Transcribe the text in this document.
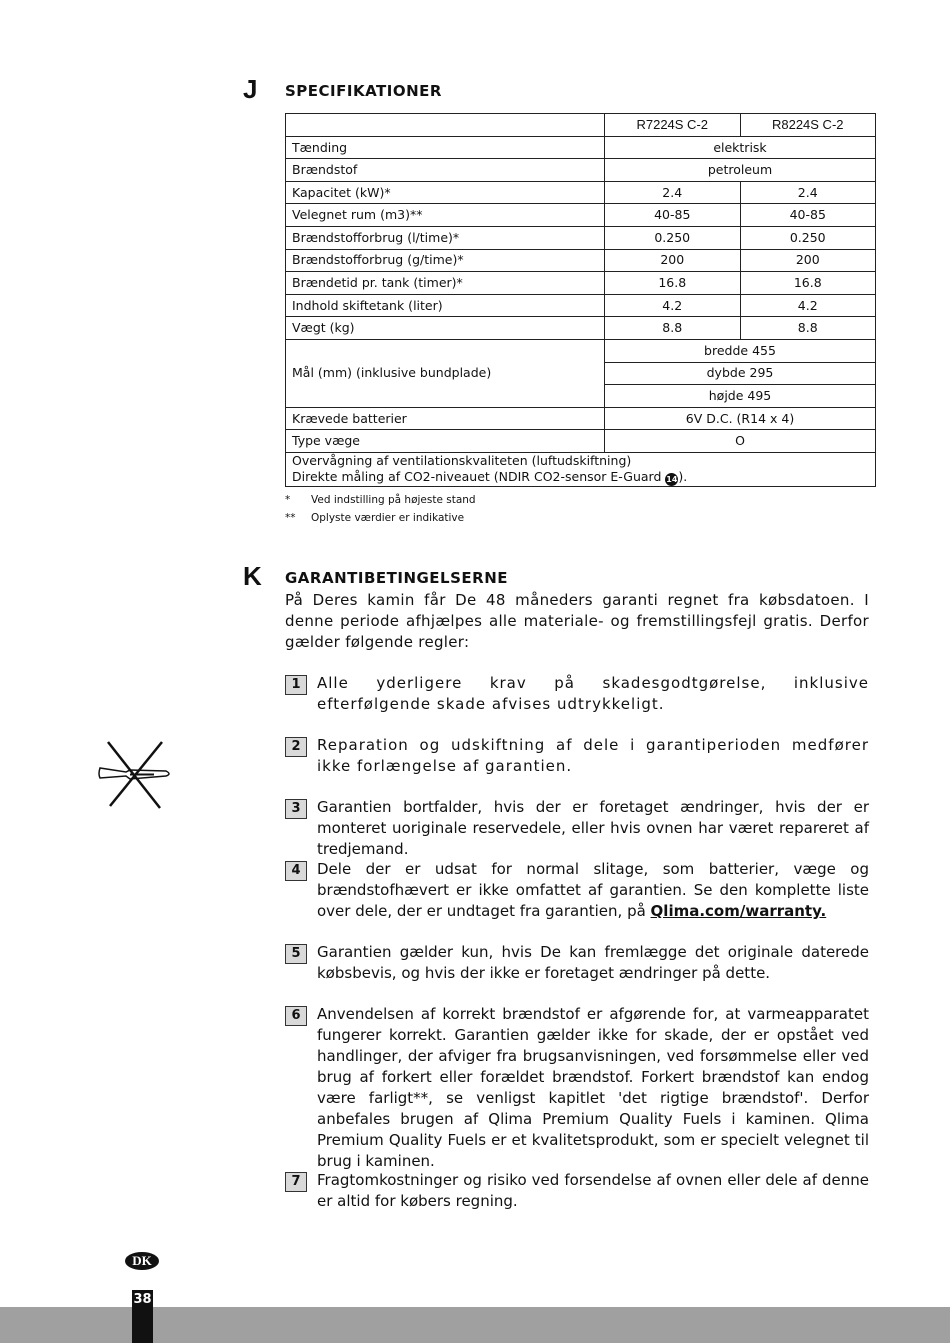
J SPECIFIKATIONER
	R7224S C-2	R8224S C-2
Tænding	elektrisk	
Brændstof	petroleum	
Kapacitet (kW)*	2.4	2.4
Velegnet rum (m3)**	40-85	40-85
Brændstofforbrug (l/time)*	0.250	0.250
Brændstofforbrug (g/time)*	200	200
Brændetid pr. tank (timer)*	16.8	16.8
Indhold skiftetank (liter)	4.2	4.2
Vægt (kg)	8.8	8.8
Mål (mm) (inklusive bundplade)	bredde 455	
	dybde 295	
	højde 495	
Krævede batterier	6V D.C. (R14 x 4)	
Type væge	O	

Overvågning af ventilationskvaliteten (luftudskiftning)
Direkte måling af CO2-niveauet (NDIR CO2-sensor E-Guard 14).		
* Ved indstilling på højeste stand
** Oplyste værdier er indikative
K GARANTIBETINGELSERNE
På Deres kamin får De 48 måneders garanti regnet fra købsdatoen. I denne periode afhjælpes alle materiale- og fremstillingsfejl gratis. Derfor gælder følgende regler:
1	Alle yderligere krav på skadesgodtgørelse, inklusive efterfølgende skade afvises udtrykkeligt.
2	Reparation og udskiftning af dele i garantiperioden medfører ikke forlængelse af garantien.
3	Garantien bortfalder, hvis der er foretaget ændringer, hvis der er monteret uoriginale reservedele, eller hvis ovnen har været repareret af tredjemand.
4	Dele der er udsat for normal slitage, som batterier, væge og brændstofhævert er ikke omfattet af garantien. Se den komplette liste over dele, der er undtaget fra garantien, på Qlima.com/warranty.
5	Garantien gælder kun, hvis De kan fremlægge det originale daterede købsbevis, og hvis der ikke er foretaget ændringer på dette.
6	Anvendelsen af korrekt brændstof er afgørende for, at varmeapparatet fungerer korrekt. Garantien gælder ikke for skade, der er opstået ved handlinger, der afviger fra brugsanvisningen, ved forsømmelse eller ved brug af forkert eller forældet brændstof. Forkert brændstof kan endog være farligt**, se venligst kapitlet 'det rigtige brændstof'. Derfor anbefales brugen af Qlima Premium Quality Fuels i kaminen. Qlima Premium Quality Fuels er et kvalitetsprodukt, som er specielt velegnet til brug i kaminen.
7	Fragtomkostninger og risiko ved forsendelse af ovnen eller dele af denne er altid for købers regning.
DK
38
